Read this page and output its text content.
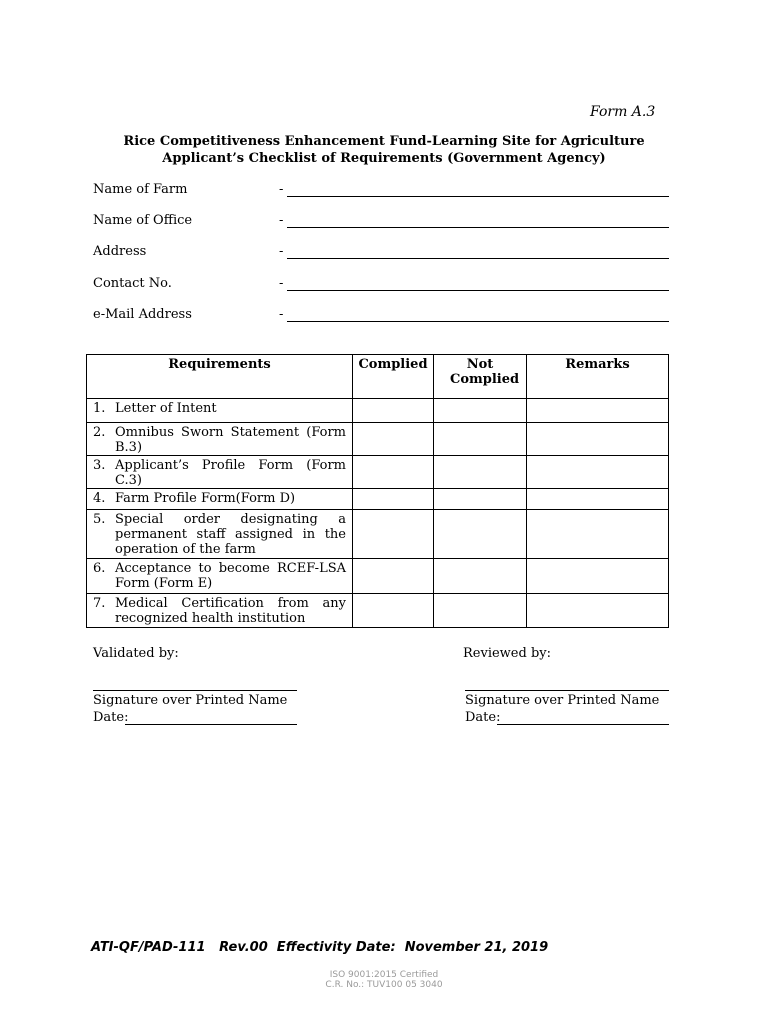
Form A.3
Rice Competitiveness Enhancement Fund-Learning Site for Agriculture
Applicant’s Checklist of Requirements (Government Agency)
Name of Farm	-
Name of Office	-
Address	-
Contact No.	-
e-Mail Address	-
Requirements	Complied	Not Complied	Remarks

1. Letter of Intent			

2. Omnibus Sworn Statement (Form B.3)			

3. Applicant’s Profile Form (Form C.3)			

4. Farm Profile Form(Form D)			

5. Special order designating a permanent staff assigned in the operation of the farm			

6. Acceptance to become RCEF-LSA Form (Form E)			

7. Medical Certification from any recognized health institution			

Validated by:
Signature over Printed Name
Date:
Reviewed by:
Signature over Printed Name
Date:
ATI-QF/PAD-111   Rev.00  Effectivity Date:  November 21, 2019
ISO 9001:2015 Certified
C.R. No.: TUV100 05 3040
